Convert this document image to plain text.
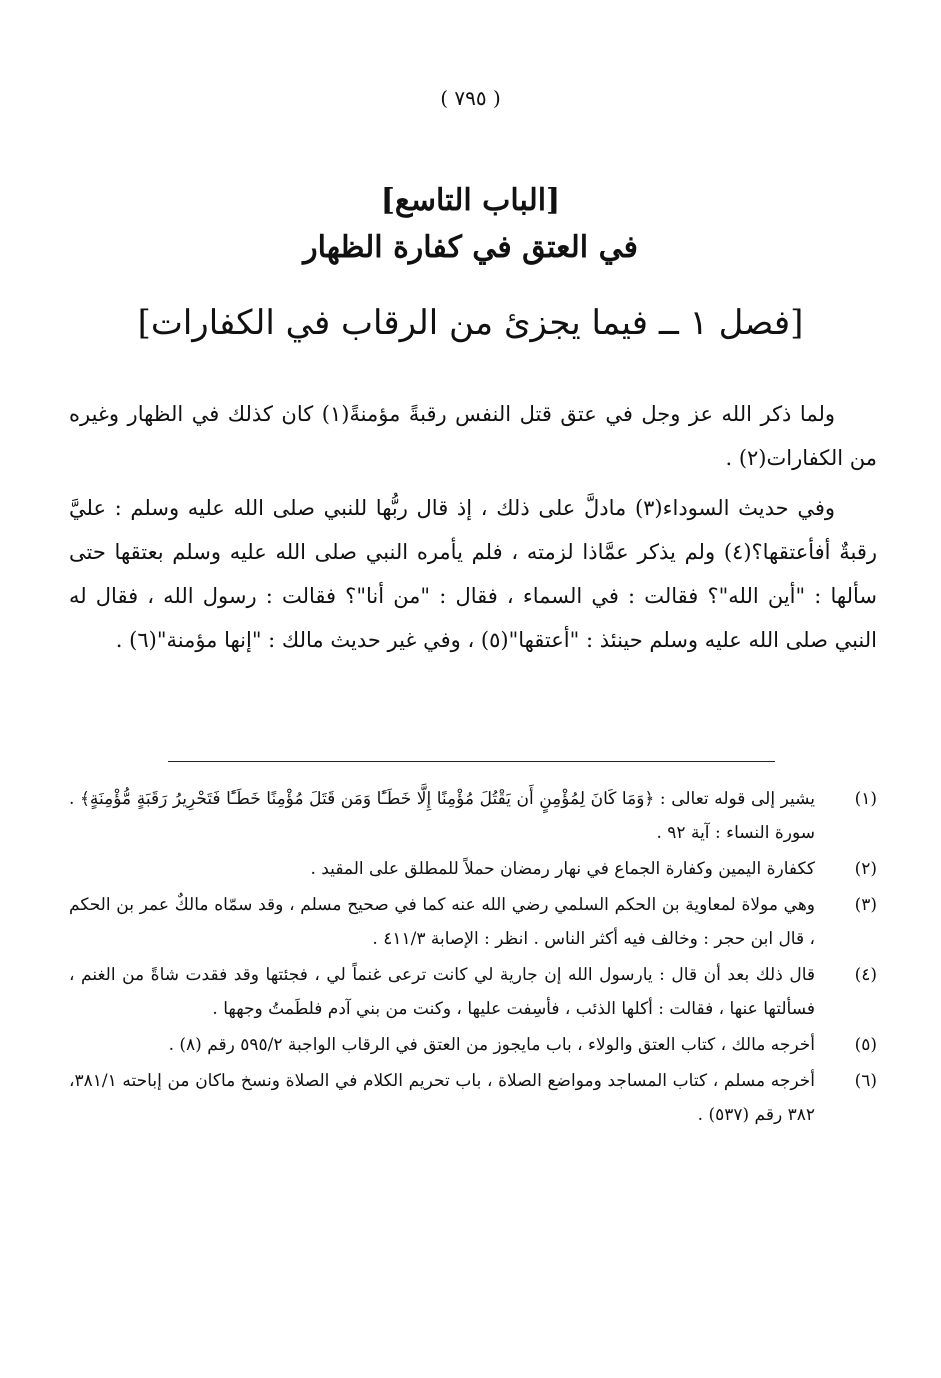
( ٧٩٥ )
[الباب التاسع]
في العتق في كفارة الظهار
[فصل ١ ــ فيما يجزئ من الرقاب في الكفارات]

ولما ذكر الله عز وجل في عتق قتل النفس رقبةً مؤمنةً(١) كان كذلك في الظهار وغيره من الكفارات(٢) .

وفي حديث السوداء(٣) مادلَّ على ذلك ، إذ قال ربُّها للنبي صلى الله عليه وسلم : عليَّ رقبةٌ أفأعتقها؟(٤) ولم يذكر عمَّاذا لزمته ، فلم يأمره النبي صلى الله عليه وسلم بعتقها حتى سألها : "أين الله"؟ فقالت : في السماء ، فقال : "من أنا"؟ فقالت : رسول الله ، فقال له النبي صلى الله عليه وسلم حينئذ : "أعتقها"(٥) ، وفي غير حديث مالك : "إنها مؤمنة"(٦) .

(١)
يشير إلى قوله تعالى : ﴿وَمَا كَانَ لِمُؤْمِنٍ أَن يَقْتُلَ مُؤْمِنًا إِلَّا خَطَـًٔا وَمَن قَتَلَ مُؤْمِنًا خَطَـًٔا فَتَحْرِيرُ رَقَبَةٍ مُّؤْمِنَةٍ﴾ . سورة النساء : آية ٩٢ .
(٢)
ككفارة اليمين وكفارة الجماع في نهار رمضان حملاً للمطلق على المقيد .
(٣)
وهي مولاة لمعاوية بن الحكم السلمي رضي الله عنه كما في صحيح مسلم ، وقد سمّاه مالكٌ عمر بن الحكم ، قال ابن حجر : وخالف فيه أكثر الناس . انظر : الإصابة ٤١١/٣ .
(٤)
قال ذلك بعد أن قال : يارسول الله إن جارية لي كانت ترعى غنماً لي ، فجئتها وقد فقدت شاةً من الغنم ، فسألتها عنها ، فقالت : أكلها الذئب ، فأسِفت عليها ، وكنت من بني آدم فلطَمتُ وجهها .
(٥)
أخرجه مالك ، كتاب العتق والولاء ، باب مايجوز من العتق في الرقاب الواجبة ٥٩٥/٢ رقم (٨) .
(٦)
أخرجه مسلم ، كتاب المساجد ومواضع الصلاة ، باب تحريم الكلام في الصلاة ونسخ ماكان من إباحته ٣٨١/١، ٣٨٢ رقم (٥٣٧) .
